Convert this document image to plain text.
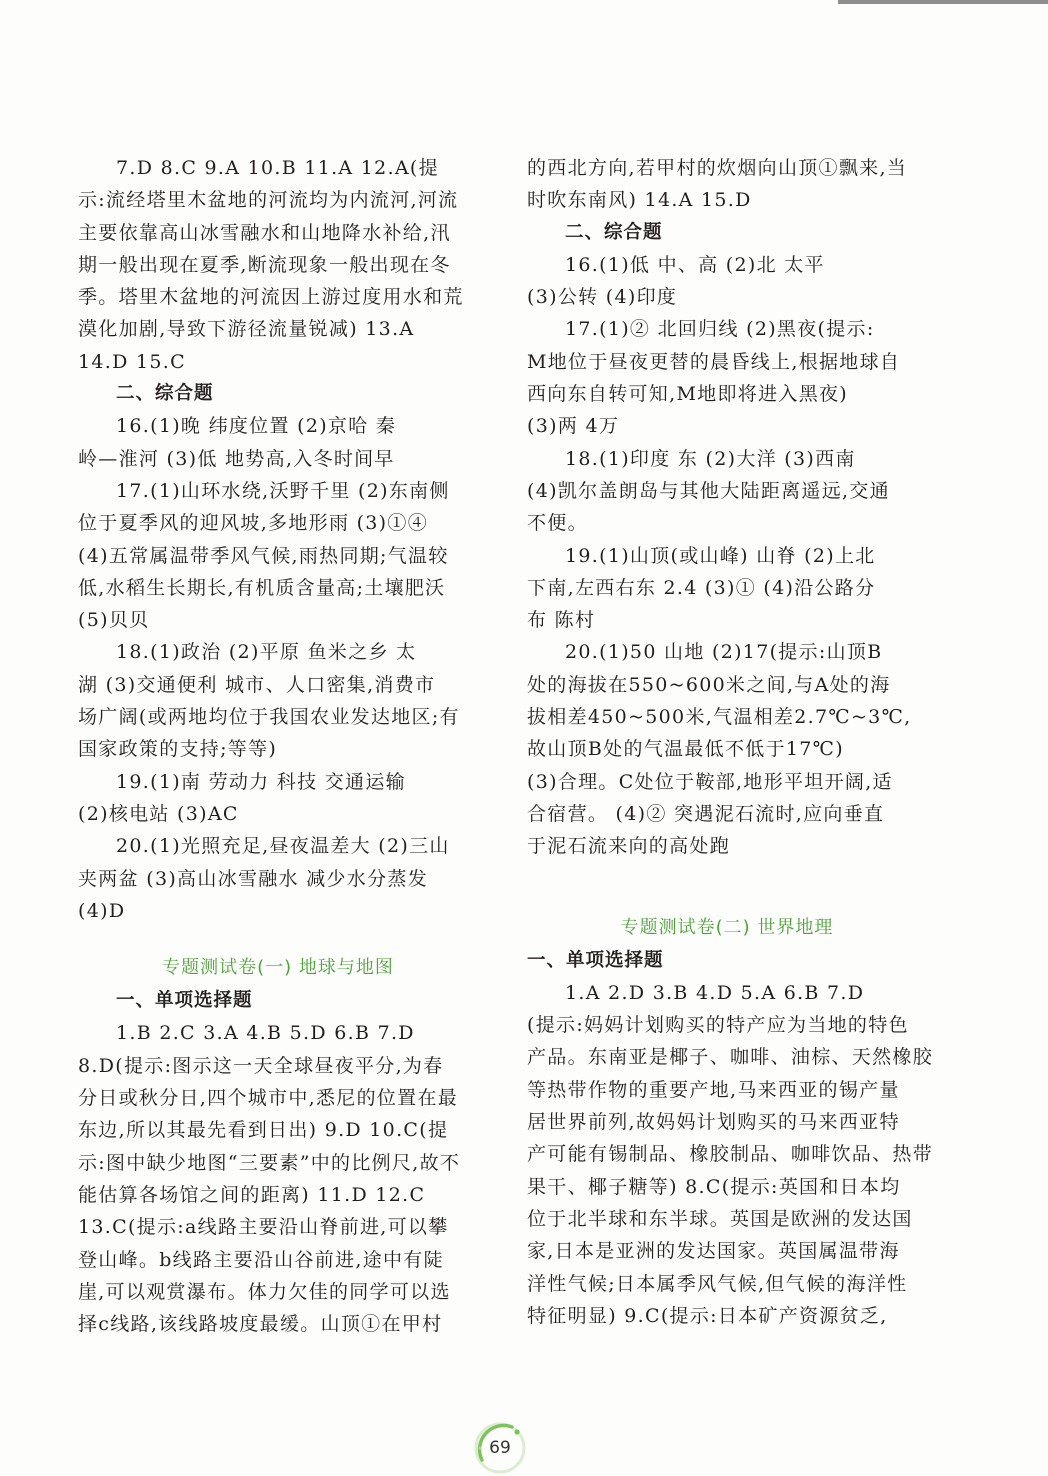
7.D 8.C 9.A 10.B 11.A 12.A(提
示:流经塔里木盆地的河流均为内流河,河流
主要依靠高山冰雪融水和山地降水补给,汛
期一般出现在夏季,断流现象一般出现在冬
季。塔里木盆地的河流因上游过度用水和荒
漠化加剧,导致下游径流量锐减) 13.A
14.D 15.C
二、综合题
16.(1)晚 纬度位置 (2)京哈 秦
岭—淮河 (3)低 地势高,入冬时间早
17.(1)山环水绕,沃野千里 (2)东南侧
位于夏季风的迎风坡,多地形雨 (3)①④
(4)五常属温带季风气候,雨热同期;气温较
低,水稻生长期长,有机质含量高;土壤肥沃
(5)贝贝
18.(1)政治 (2)平原 鱼米之乡 太
湖 (3)交通便利 城市、人口密集,消费市
场广阔(或两地均位于我国农业发达地区;有
国家政策的支持;等等)
19.(1)南 劳动力 科技 交通运输
(2)核电站 (3)AC
20.(1)光照充足,昼夜温差大 (2)三山
夹两盆 (3)高山冰雪融水 减少水分蒸发
(4)D
专题测试卷(一) 地球与地图
一、单项选择题
1.B 2.C 3.A 4.B 5.D 6.B 7.D
8.D(提示:图示这一天全球昼夜平分,为春
分日或秋分日,四个城市中,悉尼的位置在最
东边,所以其最先看到日出) 9.D 10.C(提
示:图中缺少地图“三要素”中的比例尺,故不
能估算各场馆之间的距离) 11.D 12.C
13.C(提示:a线路主要沿山脊前进,可以攀
登山峰。b线路主要沿山谷前进,途中有陡
崖,可以观赏瀑布。体力欠佳的同学可以选
择c线路,该线路坡度最缓。山顶①在甲村
的西北方向,若甲村的炊烟向山顶①飘来,当
时吹东南风) 14.A 15.D
二、综合题
16.(1)低 中、高 (2)北 太平
(3)公转 (4)印度
17.(1)② 北回归线 (2)黑夜(提示:
M地位于昼夜更替的晨昏线上,根据地球自
西向东自转可知,M地即将进入黑夜)
(3)两 4万
18.(1)印度 东 (2)大洋 (3)西南
(4)凯尔盖朗岛与其他大陆距离遥远,交通
不便。
19.(1)山顶(或山峰) 山脊 (2)上北
下南,左西右东 2.4 (3)① (4)沿公路分
布 陈村
20.(1)50 山地 (2)17(提示:山顶B
处的海拔在550~600米之间,与A处的海
拔相差450~500米,气温相差2.7℃~3℃,
故山顶B处的气温最低不低于17℃)
(3)合理。C处位于鞍部,地形平坦开阔,适
合宿营。 (4)② 突遇泥石流时,应向垂直
于泥石流来向的高处跑
专题测试卷(二) 世界地理
一、单项选择题
1.A 2.D 3.B 4.D 5.A 6.B 7.D
(提示:妈妈计划购买的特产应为当地的特色
产品。东南亚是椰子、咖啡、油棕、天然橡胶
等热带作物的重要产地,马来西亚的锡产量
居世界前列,故妈妈计划购买的马来西亚特
产可能有锡制品、橡胶制品、咖啡饮品、热带
果干、椰子糖等) 8.C(提示:英国和日本均
位于北半球和东半球。英国是欧洲的发达国
家,日本是亚洲的发达国家。英国属温带海
洋性气候;日本属季风气候,但气候的海洋性
特征明显) 9.C(提示:日本矿产资源贫乏,
69
